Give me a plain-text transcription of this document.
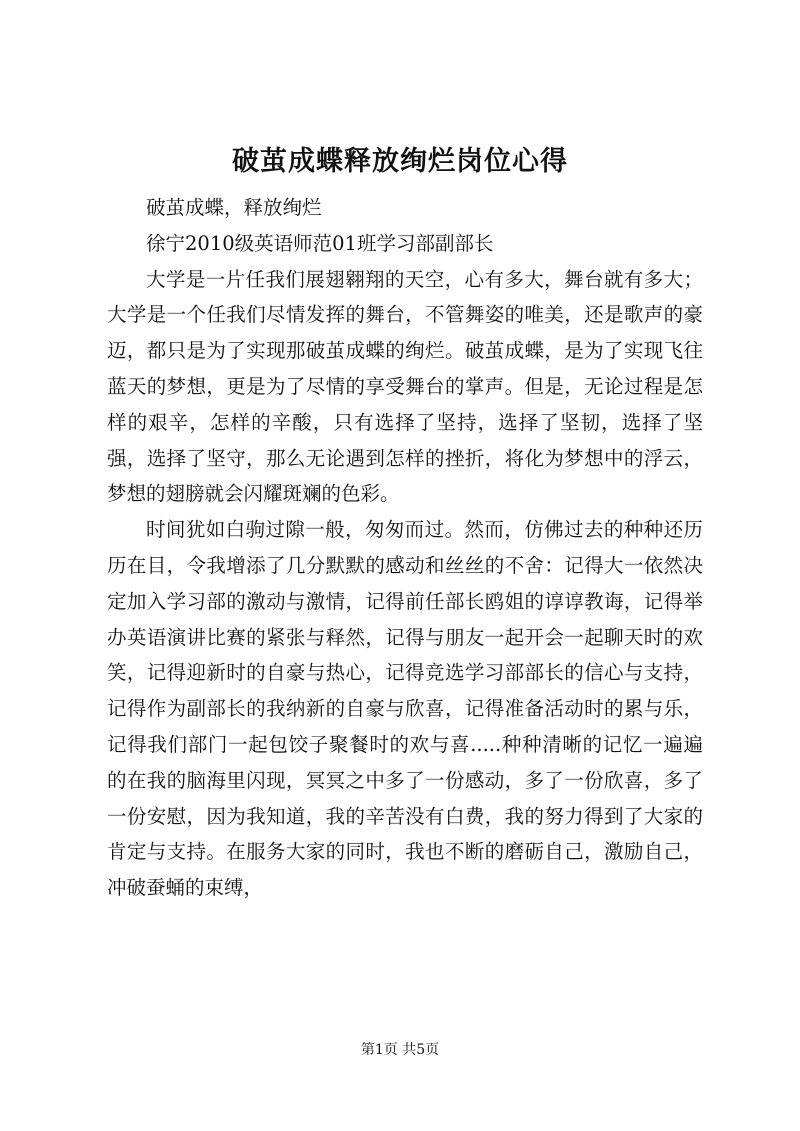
破茧成蝶释放绚烂岗位心得

破茧成蝶，释放绚烂

徐宁2010级英语师范01班学习部副部长

大学是一片任我们展翅翱翔的天空，心有多大，舞台就有多大；大学是一个任我们尽情发挥的舞台，不管舞姿的唯美，还是歌声的豪迈，都只是为了实现那破茧成蝶的绚烂。破茧成蝶，是为了实现飞往蓝天的梦想，更是为了尽情的享受舞台的掌声。但是，无论过程是怎样的艰辛，怎样的辛酸，只有选择了坚持，选择了坚韧，选择了坚强，选择了坚守，那么无论遇到怎样的挫折，将化为梦想中的浮云，梦想的翅膀就会闪耀斑斓的色彩。

时间犹如白驹过隙一般，匆匆而过。然而，仿佛过去的种种还历历在目，令我增添了几分默默的感动和丝丝的不舍：记得大一依然决定加入学习部的激动与激情，记得前任部长鸥姐的谆谆教诲，记得举办英语演讲比赛的紧张与释然，记得与朋友一起开会一起聊天时的欢笑，记得迎新时的自豪与热心，记得竞选学习部部长的信心与支持，记得作为副部长的我纳新的自豪与欣喜，记得准备活动时的累与乐，记得我们部门一起包饺子聚餐时的欢与喜.....种种清晰的记忆一遍遍的在我的脑海里闪现，冥冥之中多了一份感动，多了一份欣喜，多了一份安慰，因为我知道，我的辛苦没有白费，我的努力得到了大家的肯定与支持。在服务大家的同时，我也不断的磨砺自己，激励自己，冲破蚕蛹的束缚，

第1页 共5页
